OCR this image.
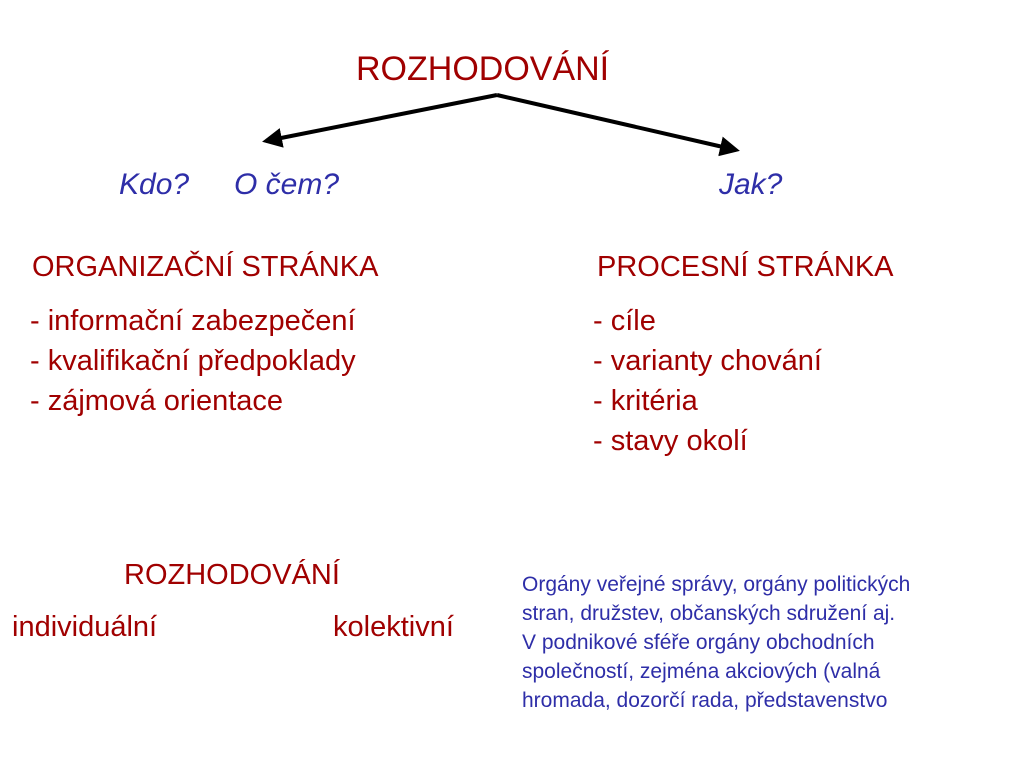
ROZHODOVÁNÍ
Kdo? O čem?	Jak?
ORGANIZAČNÍ STRÁNKA
- informační zabezpečení
- kvalifikační předpoklady
- zájmová orientace
PROCESNÍ STRÁNKA
- cíle
- varianty chování
- kritéria
- stavy okolí
ROZHODOVÁNÍ
individuální	kolektivní
Orgány veřejné správy, orgány politických
stran, družstev, občanských sdružení aj.
V podnikové sféře orgány obchodních
společností, zejména akciových (valná
hromada, dozorčí rada, představenstvo
